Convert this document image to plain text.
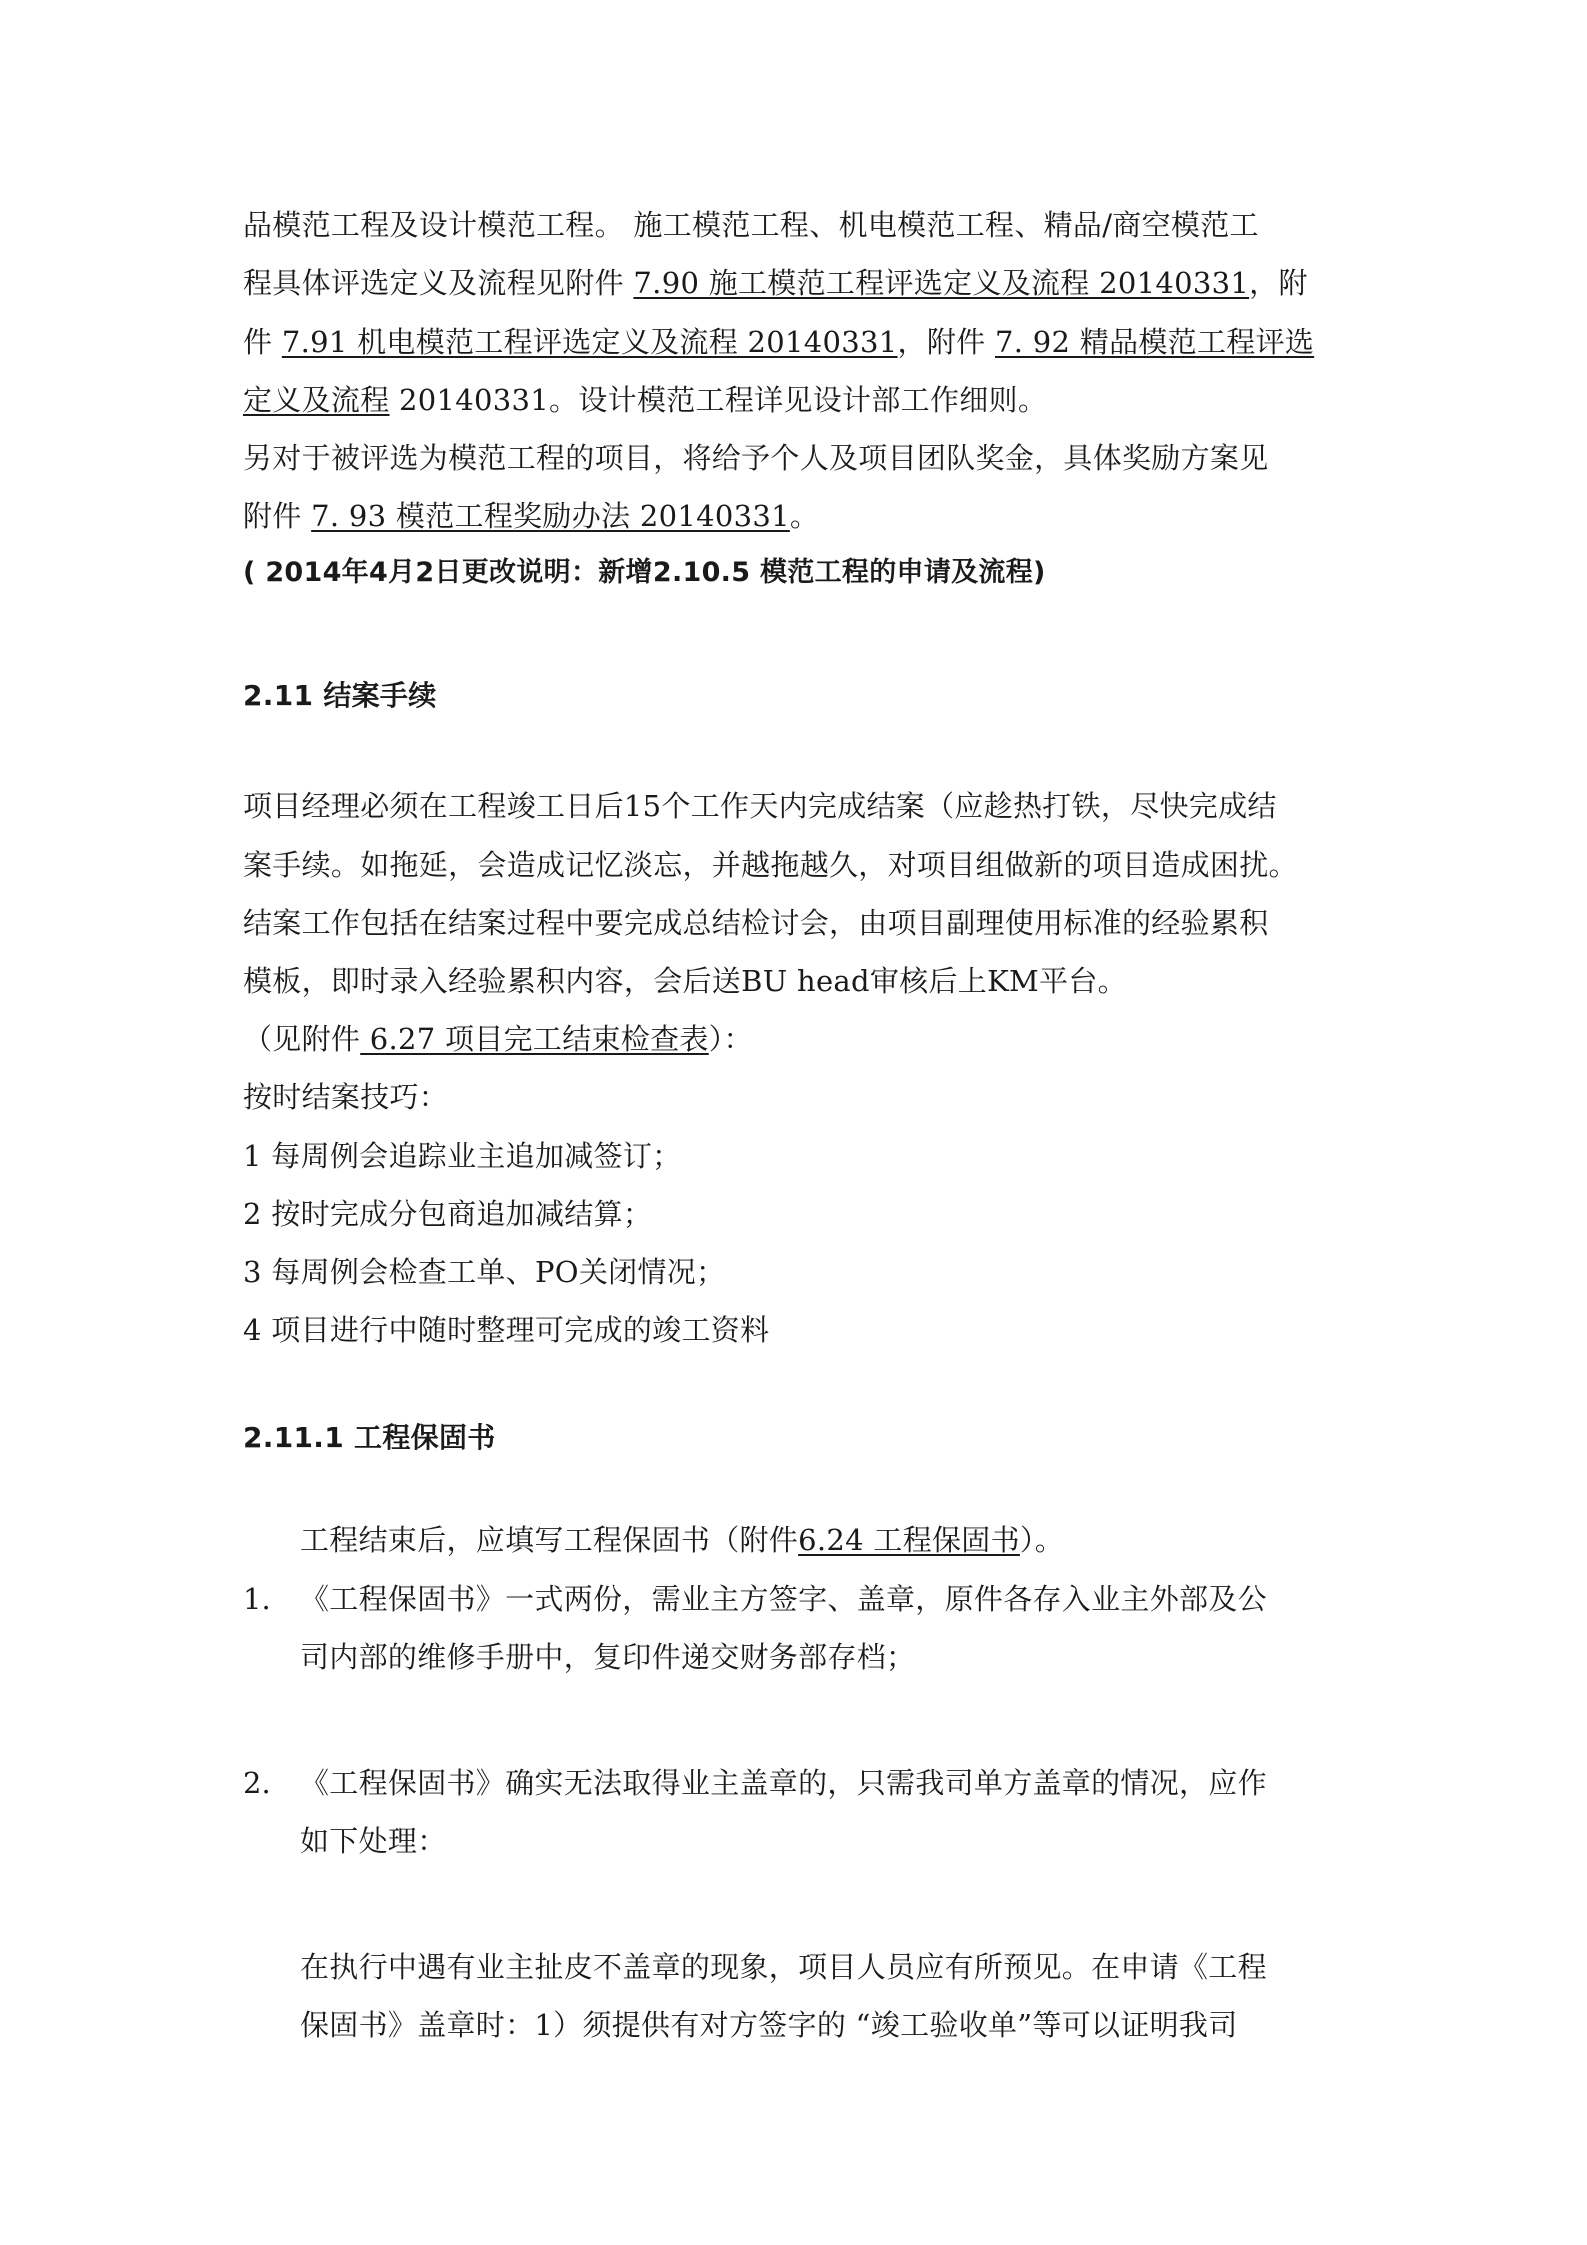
品模范工程及设计模范工程。 施工模范工程、机电模范工程、精品/商空模范工
程具体评选定义及流程见附件 7.90 施工模范工程评选定义及流程 20140331，附
件 7.91 机电模范工程评选定义及流程 20140331，附件 7. 92 精品模范工程评选
定义及流程 20140331。设计模范工程详见设计部工作细则。
另对于被评选为模范工程的项目，将给予个人及项目团队奖金，具体奖励方案见
附件 7. 93 模范工程奖励办法 20140331。
( 2014年4月2日更改说明：新增2.10.5 模范工程的申请及流程)
2.11 结案手续
项目经理必须在工程竣工日后15个工作天内完成结案（应趁热打铁，尽快完成结
案手续。如拖延，会造成记忆淡忘，并越拖越久，对项目组做新的项目造成困扰。
结案工作包括在结案过程中要完成总结检讨会，由项目副理使用标准的经验累积
模板，即时录入经验累积内容，会后送BU head审核后上KM平台。
（见附件 6.27 项目完工结束检查表）：
按时结案技巧：
1 每周例会追踪业主追加减签订；
2 按时完成分包商追加减结算；
3 每周例会检查工单、PO关闭情况；
4 项目进行中随时整理可完成的竣工资料
2.11.1 工程保固书
工程结束后，应填写工程保固书（附件6.24 工程保固书）。
1. 《工程保固书》一式两份，需业主方签字、盖章，原件各存入业主外部及公
司内部的维修手册中，复印件递交财务部存档；
2. 《工程保固书》确实无法取得业主盖章的，只需我司单方盖章的情况，应作
如下处理：
在执行中遇有业主扯皮不盖章的现象，项目人员应有所预见。在申请《工程
保固书》盖章时：1）须提供有对方签字的 “竣工验收单”等可以证明我司
